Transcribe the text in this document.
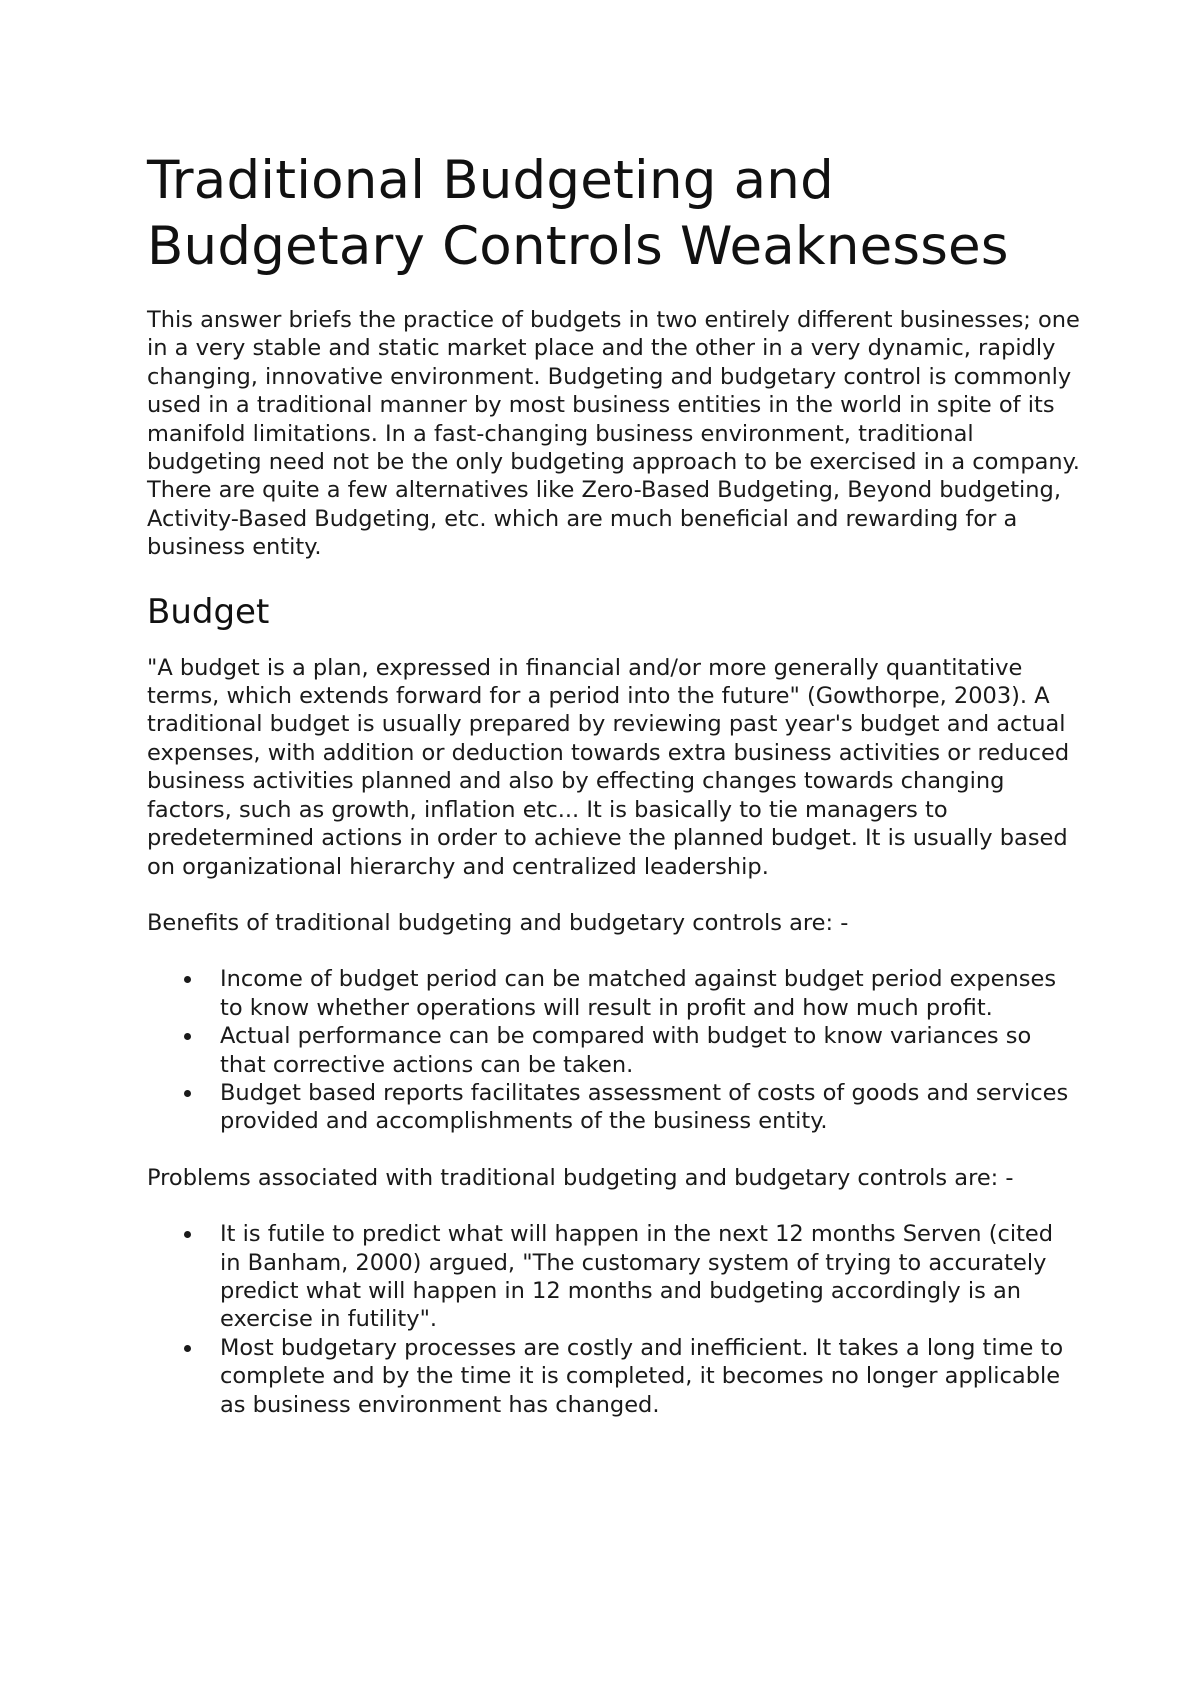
Traditional Budgeting and Budgetary Controls Weaknesses

This answer briefs the practice of budgets in two entirely different businesses; one in a very stable and static market place and the other in a very dynamic, rapidly changing, innovative environment. Budgeting and budgetary control is commonly used in a traditional manner by most business entities in the world in spite of its manifold limitations. In a fast-changing business environment, traditional budgeting need not be the only budgeting approach to be exercised in a company. There are quite a few alternatives like Zero-Based Budgeting, Beyond budgeting, Activity-Based Budgeting, etc. which are much beneficial and rewarding for a business entity.

Budget

"A budget is a plan, expressed in financial and/or more generally quantitative terms, which extends forward for a period into the future" (Gowthorpe, 2003). A traditional budget is usually prepared by reviewing past year's budget and actual expenses, with addition or deduction towards extra business activities or reduced business activities planned and also by effecting changes towards changing factors, such as growth, inflation etc... It is basically to tie managers to predetermined actions in order to achieve the planned budget. It is usually based on organizational hierarchy and centralized leadership.

Benefits of traditional budgeting and budgetary controls are: -

Income of budget period can be matched against budget period expenses to know whether operations will result in profit and how much profit.
Actual performance can be compared with budget to know variances so that corrective actions can be taken.
Budget based reports facilitates assessment of costs of goods and services provided and accomplishments of the business entity.

Problems associated with traditional budgeting and budgetary controls are: -

It is futile to predict what will happen in the next 12 months Serven (cited in Banham, 2000) argued, "The customary system of trying to accurately predict what will happen in 12 months and budgeting accordingly is an exercise in futility".
Most budgetary processes are costly and inefficient. It takes a long time to complete and by the time it is completed, it becomes no longer applicable as business environment has changed.
